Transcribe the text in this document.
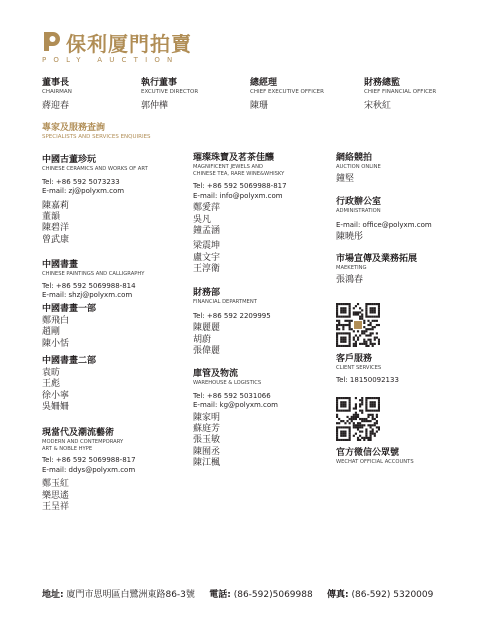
保利厦門拍賣
POLY AUCTION
董事長
CHAIRMAN
蔣迎春
執行董事
EXCUTIVE DIRECTOR
郭仲樺
總經理
CHIEF EXECUTIVE OFFICER
陳珊
財務總監
CHIEF FINANCIAL OFFICER
宋秋紅
專家及服務查詢
SPECIALISTS AND SERVICES ENQUIRIES
中國古董珍玩
CHINESE CERAMICS AND WORKS OF ART
Tel: +86 592 5073233
E-mail: zj@polyxm.com
陳嘉莉
董韻
陳碧洋
曾武康
中國書畫
CHINESE PAINTINGS AND CALLIGRAPHY
Tel: +86 592 5069988-814
E-mail: shzj@polyxm.com
中國書畫一部
鄭飛白
趙剛
陳小恬
中國書畫二部
袁昉
王彪
徐小寧
吳姍姍
現當代及潮流藝術
MODERN AND CONTEMPORARY
ART & NOBLE HYPE
Tel: +86 592 5069988-817
E-mail: ddys@polyxm.com
鄭玉紅
樂思遙
王呈祥
璀璨珠寶及茗茶佳釀
MAGNIFICENT JEWELS AND
CHINESE TEA, RARE WINE&WHISKY
Tel: +86 592 5069988-817
E-mail: info@polyxm.com
鄭愛萍
吳凡
鐘孟涵
梁震坤
盧文宇
王淳衛
財務部
FINANCIAL DEPARTMENT
Tel: +86 592 2209995
陳麗麗
胡蔚
張偉麗
庫管及物流
WAREHOUSE & LOGISTICS
Tel: +86 592 5031066
E-mail: kg@polyxm.com
陳家明
蘇庭芳
張玉敏
陳囿丞
陳江楓
網絡競拍
AUCTION ONLINE
鐘堅
行政辦公室
ADMINISTRATION
E-mail: office@polyxm.com
陳曉彤
市場宣傳及業務拓展
MAEKETING
張鴻春
客戶服務
CLIENT SERVICES
Tel: 18150092133
官方微信公眾號
WECHAT OFFICIAL ACCOUNTS
地址: 廈門市思明區白鷺洲東路86-3號 電話: (86-592)5069988 傳真: (86-592) 5320009
